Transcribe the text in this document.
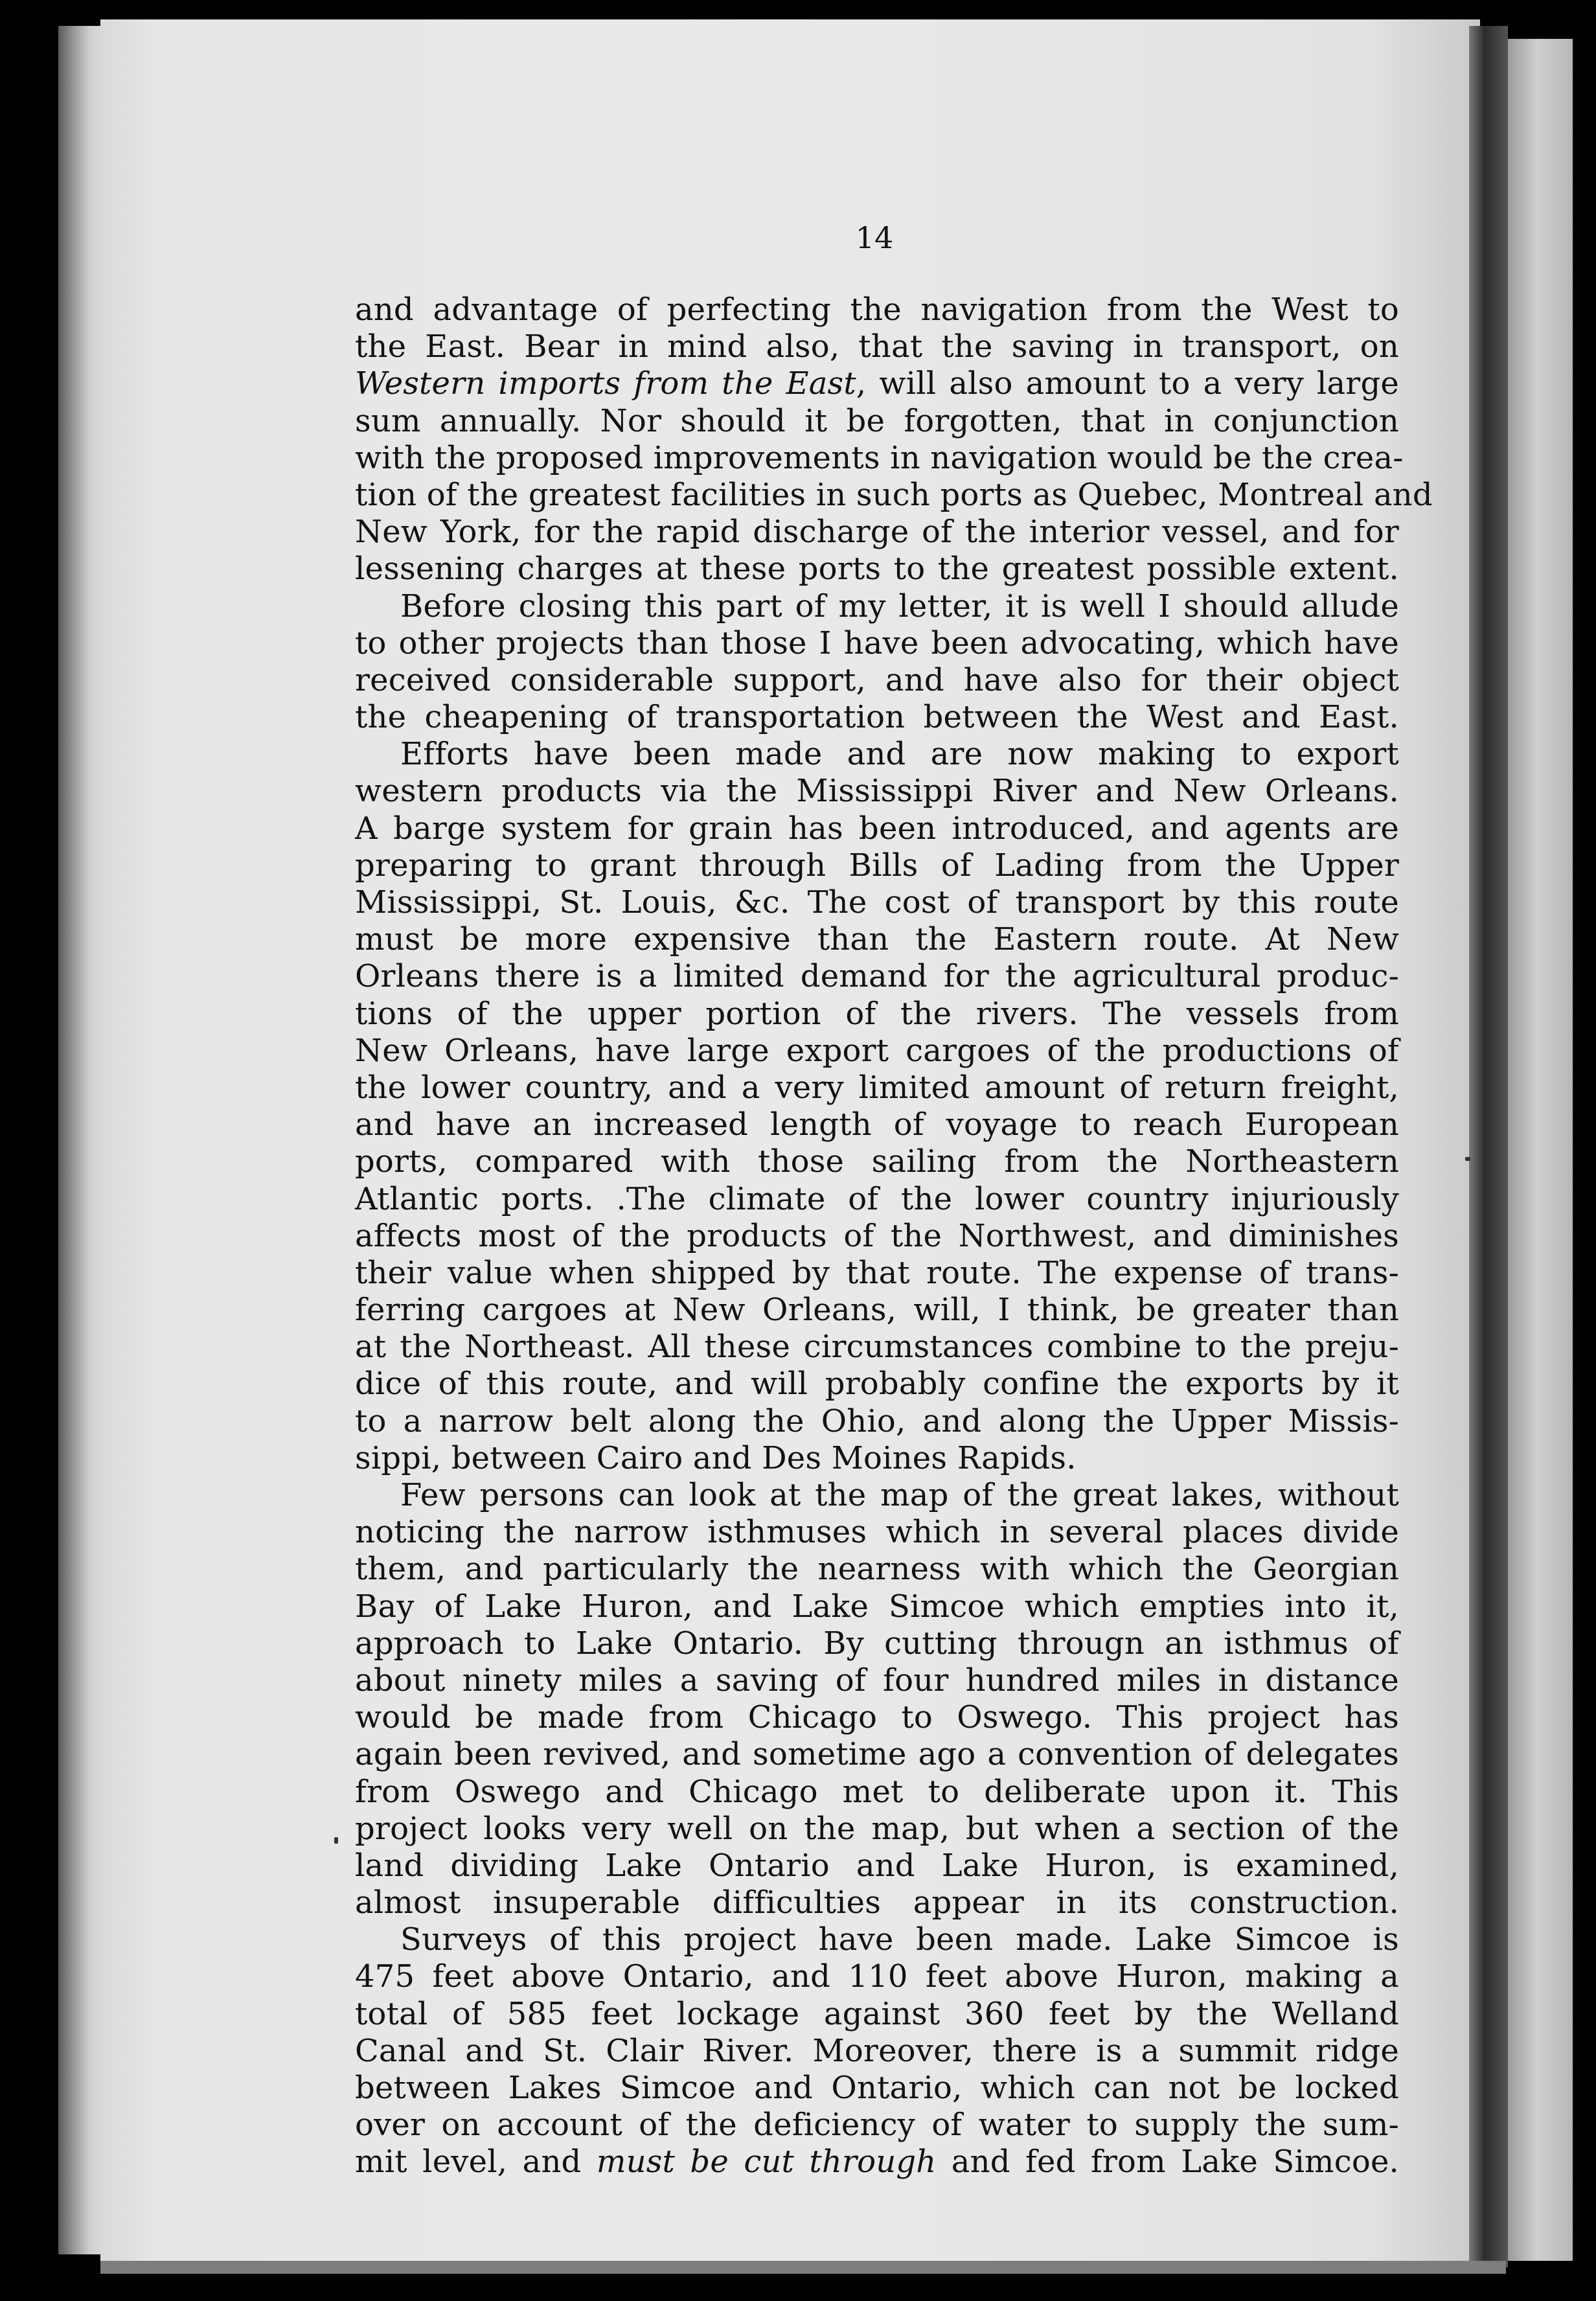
14
and advantage of perfecting the navigation from the West to
the East. Bear in mind also, that the saving in transport, on
Western imports from the East, will also amount to a very large
sum annually. Nor should it be forgotten, that in conjunction
with the proposed improvements in navigation would be the crea-
tion of the greatest facilities in such ports as Quebec, Montreal and
New York, for the rapid discharge of the interior vessel, and for
lessening charges at these ports to the greatest possible extent.
Before closing this part of my letter, it is well I should allude
to other projects than those I have been advocating, which have
received considerable support, and have also for their object
the cheapening of transportation between the West and East.
Efforts have been made and are now making to export
western products via the Mississippi River and New Orleans.
A barge system for grain has been introduced, and agents are
preparing to grant through Bills of Lading from the Upper
Mississippi, St. Louis, &c. The cost of transport by this route
must be more expensive than the Eastern route. At New
Orleans there is a limited demand for the agricultural produc-
tions of the upper portion of the rivers. The vessels from
New Orleans, have large export cargoes of the productions of
the lower country, and a very limited amount of return freight,
and have an increased length of voyage to reach European
ports, compared with those sailing from the Northeastern
Atlantic ports. .The climate of the lower country injuriously
affects most of the products of the Northwest, and diminishes
their value when shipped by that route. The expense of trans-
ferring cargoes at New Orleans, will, I think, be greater than
at the Northeast. All these circumstances combine to the preju-
dice of this route, and will probably confine the exports by it
to a narrow belt along the Ohio, and along the Upper Missis-
sippi, between Cairo and Des Moines Rapids.
Few persons can look at the map of the great lakes, without
noticing the narrow isthmuses which in several places divide
them, and particularly the nearness with which the Georgian
Bay of Lake Huron, and Lake Simcoe which empties into it,
approach to Lake Ontario. By cutting througn an isthmus of
about ninety miles a saving of four hundred miles in distance
would be made from Chicago to Oswego. This project has
again been revived, and sometime ago a convention of delegates
from Oswego and Chicago met to deliberate upon it. This
project looks very well on the map, but when a section of the
land dividing Lake Ontario and Lake Huron, is examined,
almost insuperable difficulties appear in its construction.
Surveys of this project have been made. Lake Simcoe is
475 feet above Ontario, and 110 feet above Huron, making a
total of 585 feet lockage against 360 feet by the Welland
Canal and St. Clair River. Moreover, there is a summit ridge
between Lakes Simcoe and Ontario, which can not be locked
over on account of the deficiency of water to supply the sum-
mit level, and must be cut through and fed from Lake Simcoe.
